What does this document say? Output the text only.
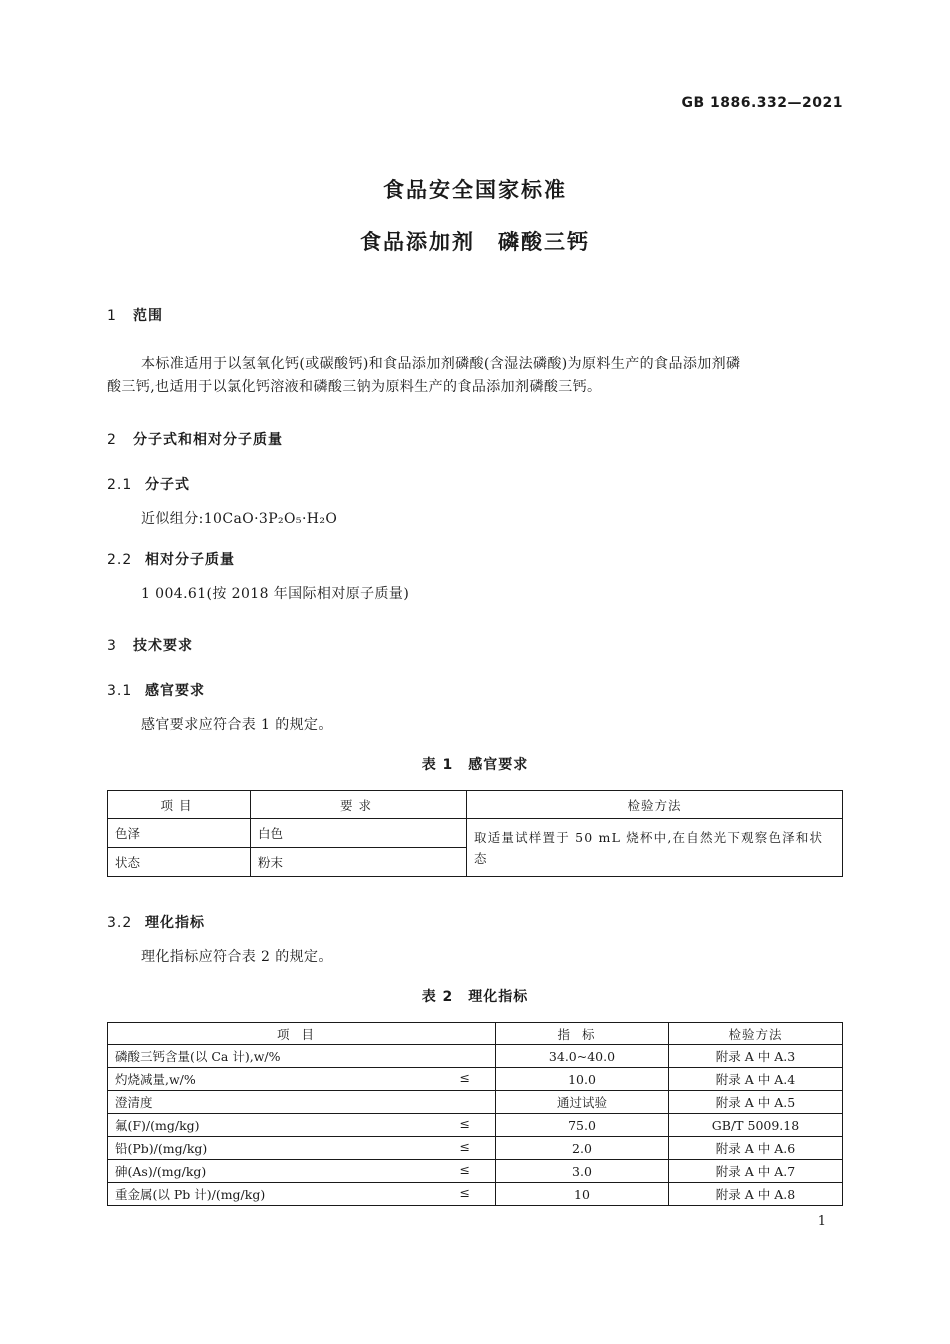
GB 1886.332—2021
食品安全国家标准
食品添加剂　磷酸三钙
1 范围
本标准适用于以氢氧化钙(或碳酸钙)和食品添加剂磷酸(含湿法磷酸)为原料生产的食品添加剂磷
酸三钙,也适用于以氯化钙溶液和磷酸三钠为原料生产的食品添加剂磷酸三钙。
2 分子式和相对分子质量
2.1 分子式
近似组分:10CaO·3P₂O₅·H₂O
2.2 相对分子质量
1 004.61(按 2018 年国际相对原子质量)
3 技术要求
3.1 感官要求
感官要求应符合表 1 的规定。
表 1　感官要求
项目	要求	检验方法
色泽	白色	取适量试样置于 50 mL 烧杯中,在自然光下观察色泽和状态
状态	粉末	
3.2 理化指标
理化指标应符合表 2 的规定。
表 2　理化指标
项目	指标	检验方法
磷酸三钙含量(以 Ca 计),w/%	34.0~40.0	附录 A 中 A.3
灼烧减量,w/% ≤	10.0	附录 A 中 A.4
澄清度	通过试验	附录 A 中 A.5
氟(F)/(mg/kg) ≤	75.0	GB/T 5009.18
铅(Pb)/(mg/kg) ≤	2.0	附录 A 中 A.6
砷(As)/(mg/kg) ≤	3.0	附录 A 中 A.7
重金属(以 Pb 计)/(mg/kg) ≤	10	附录 A 中 A.8
1
